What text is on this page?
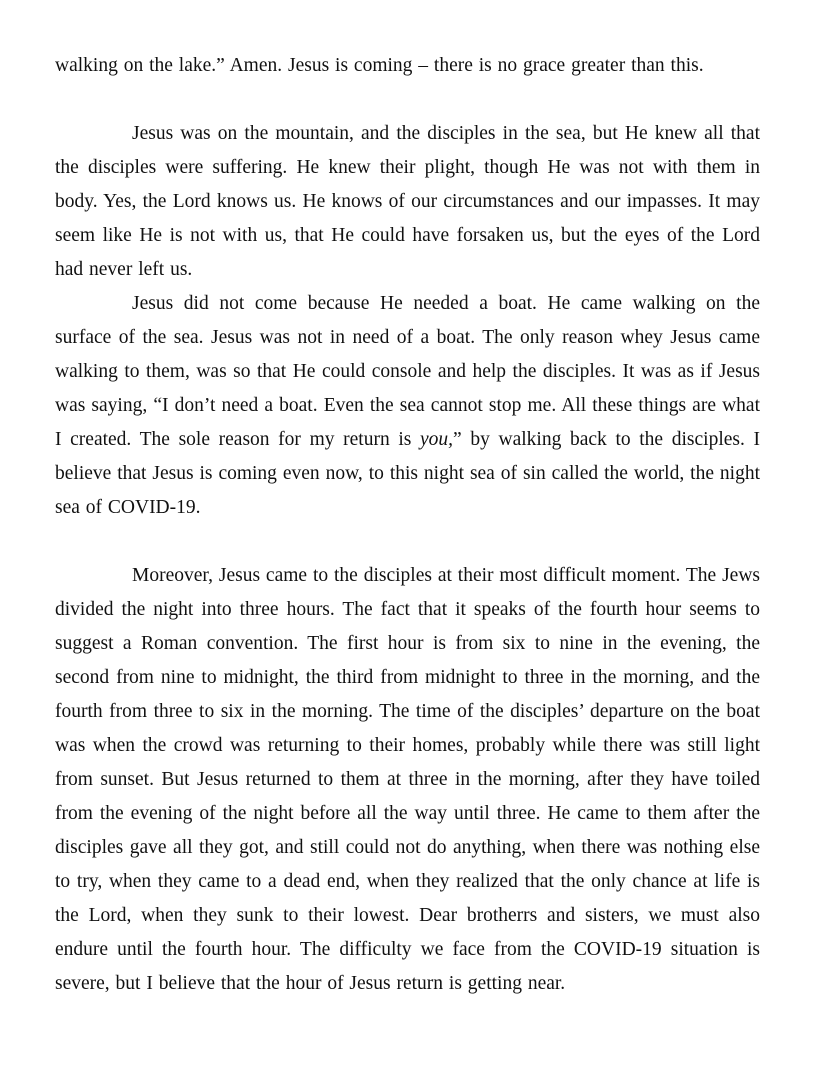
walking on the lake.” Amen. Jesus is coming – there is no grace greater than this.

Jesus was on the mountain, and the disciples in the sea, but He knew all that the disciples were suffering. He knew their plight, though He was not with them in body. Yes, the Lord knows us. He knows of our circumstances and our impasses. It may seem like He is not with us, that He could have forsaken us, but the eyes of the Lord had never left us.

Jesus did not come because He needed a boat. He came walking on the surface of the sea. Jesus was not in need of a boat. The only reason whey Jesus came walking to them, was so that He could console and help the disciples. It was as if Jesus was saying, “I don’t need a boat. Even the sea cannot stop me. All these things are what I created. The sole reason for my return is you,” by walking back to the disciples. I believe that Jesus is coming even now, to this night sea of sin called the world, the night sea of COVID-19.

Moreover, Jesus came to the disciples at their most difficult moment. The Jews divided the night into three hours. The fact that it speaks of the fourth hour seems to suggest a Roman convention. The first hour is from six to nine in the evening, the second from nine to midnight, the third from midnight to three in the morning, and the fourth from three to six in the morning. The time of the disciples’ departure on the boat was when the crowd was returning to their homes, probably while there was still light from sunset. But Jesus returned to them at three in the morning, after they have toiled from the evening of the night before all the way until three. He came to them after the disciples gave all they got, and still could not do anything, when there was nothing else to try, when they came to a dead end, when they realized that the only chance at life is the Lord, when they sunk to their lowest. Dear brotherrs and sisters, we must also endure until the fourth hour. The difficulty we face from the COVID-19 situation is severe, but I believe that the hour of Jesus return is getting near.
